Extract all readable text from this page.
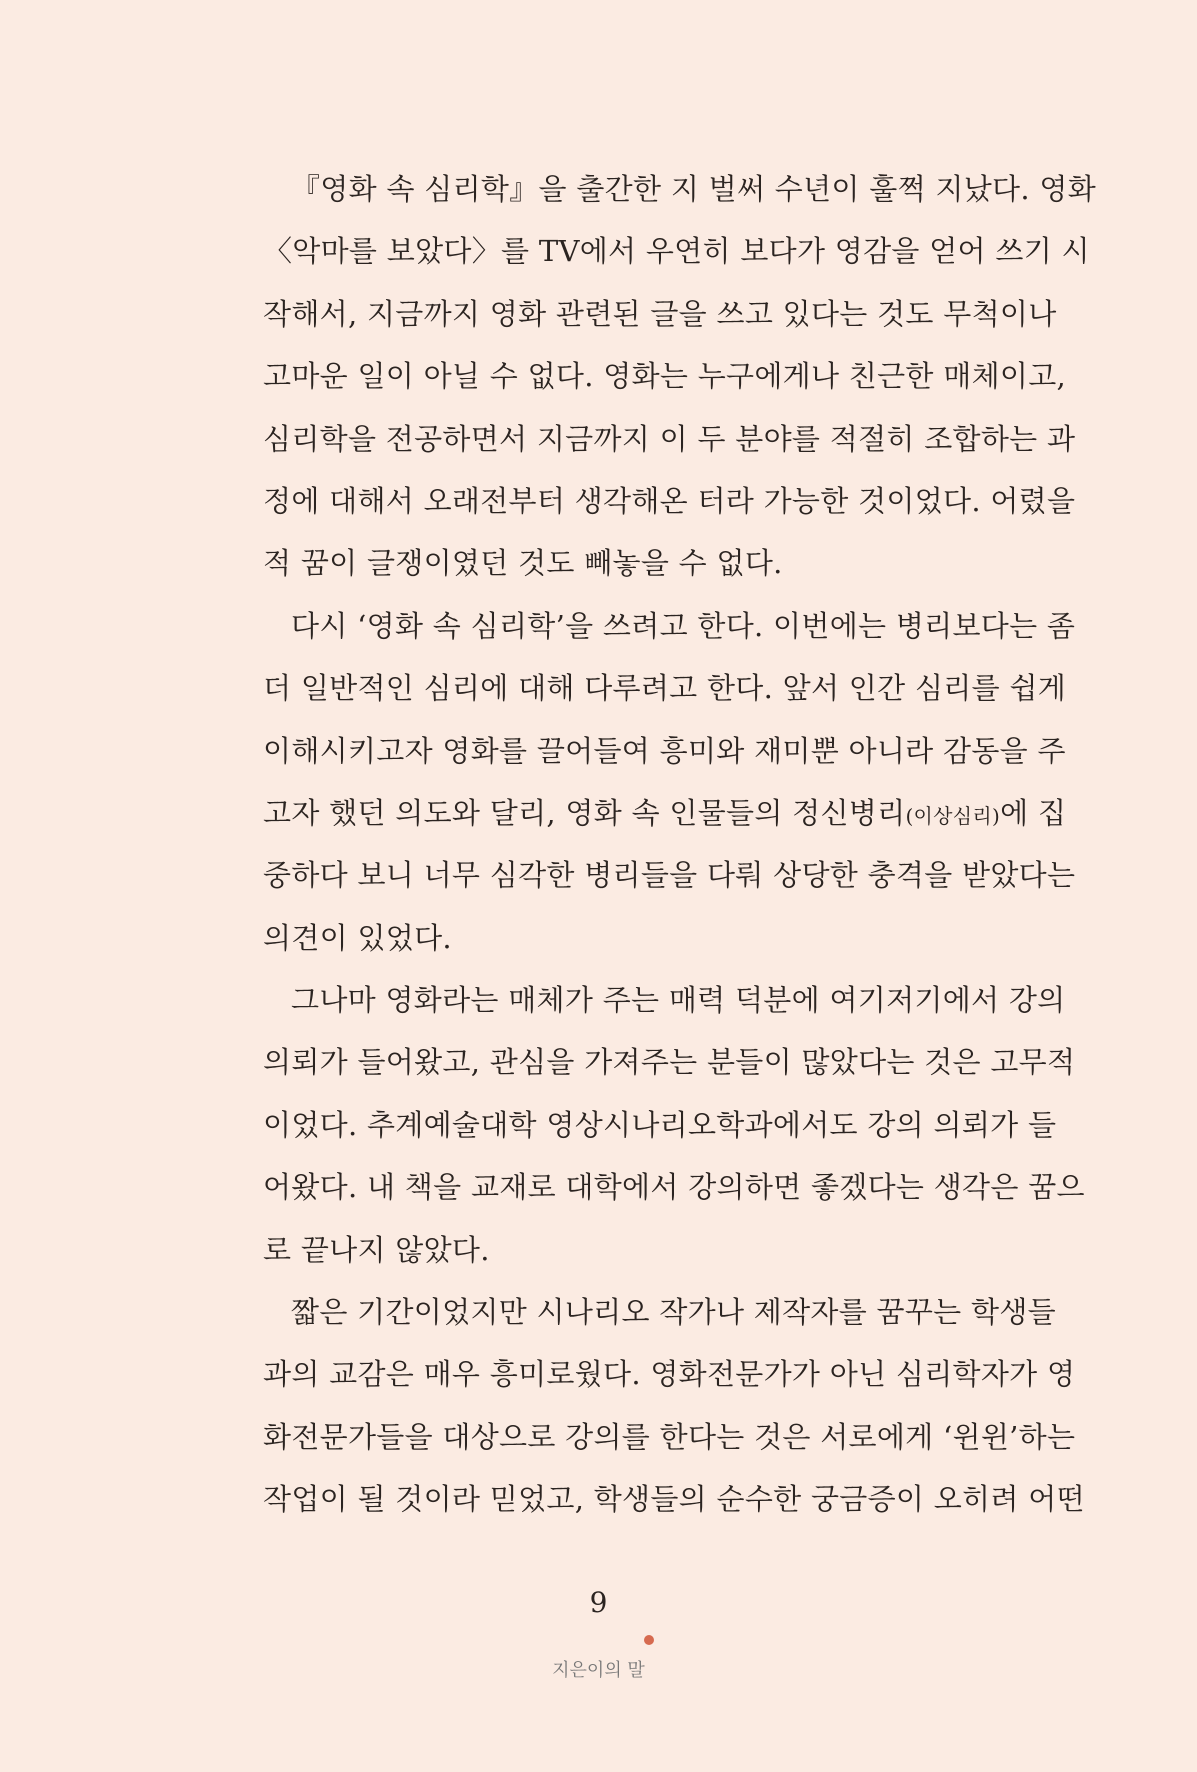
『영화 속 심리학』을 출간한 지 벌써 수년이 훌쩍 지났다. 영화
〈악마를 보았다〉를 TV에서 우연히 보다가 영감을 얻어 쓰기 시
작해서, 지금까지 영화 관련된 글을 쓰고 있다는 것도 무척이나
고마운 일이 아닐 수 없다. 영화는 누구에게나 친근한 매체이고,
심리학을 전공하면서 지금까지 이 두 분야를 적절히 조합하는 과
정에 대해서 오래전부터 생각해온 터라 가능한 것이었다. 어렸을
적 꿈이 글쟁이였던 것도 빼놓을 수 없다.
다시 ‘영화 속 심리학’을 쓰려고 한다. 이번에는 병리보다는 좀
더 일반적인 심리에 대해 다루려고 한다. 앞서 인간 심리를 쉽게
이해시키고자 영화를 끌어들여 흥미와 재미뿐 아니라 감동을 주
고자 했던 의도와 달리, 영화 속 인물들의 정신병리(이상심리)에 집
중하다 보니 너무 심각한 병리들을 다뤄 상당한 충격을 받았다는
의견이 있었다.
그나마 영화라는 매체가 주는 매력 덕분에 여기저기에서 강의
의뢰가 들어왔고, 관심을 가져주는 분들이 많았다는 것은 고무적
이었다. 추계예술대학 영상시나리오학과에서도 강의 의뢰가 들
어왔다. 내 책을 교재로 대학에서 강의하면 좋겠다는 생각은 꿈으
로 끝나지 않았다.
짧은 기간이었지만 시나리오 작가나 제작자를 꿈꾸는 학생들
과의 교감은 매우 흥미로웠다. 영화전문가가 아닌 심리학자가 영
화전문가들을 대상으로 강의를 한다는 것은 서로에게 ‘윈윈’하는
작업이 될 것이라 믿었고, 학생들의 순수한 궁금증이 오히려 어떤
9
지은이의 말
